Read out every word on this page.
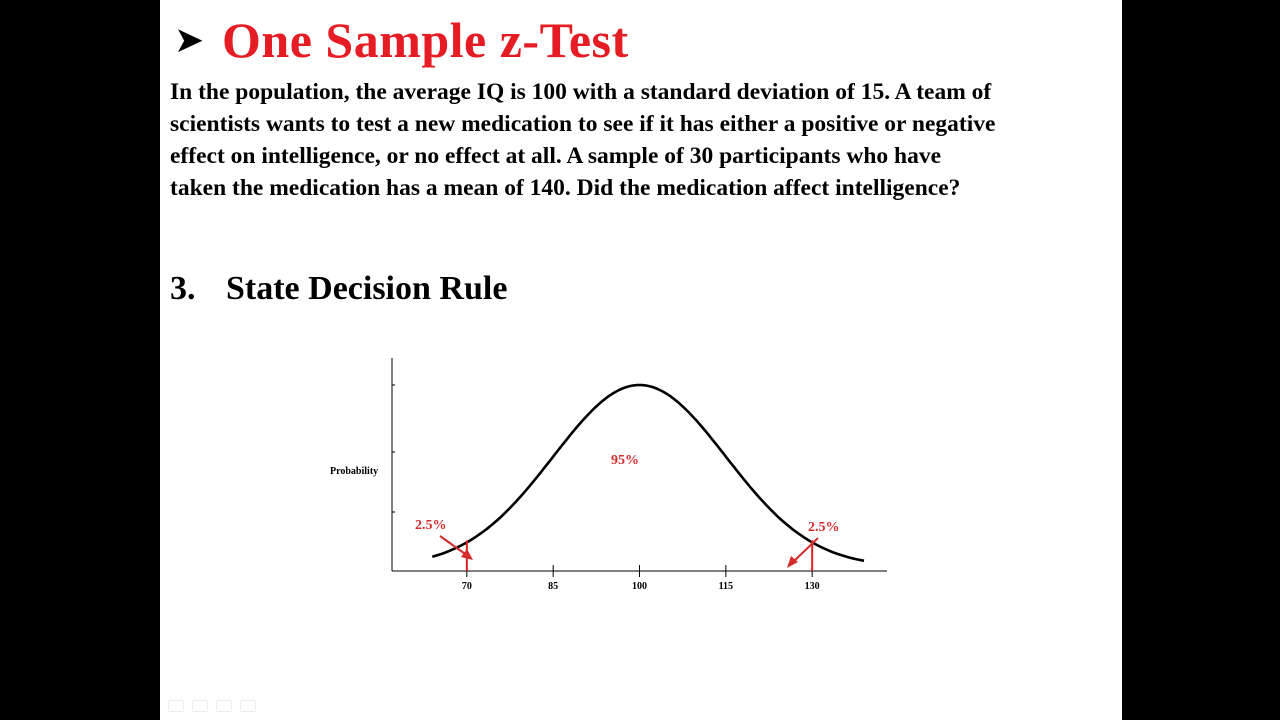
➤ One Sample z-Test
In the population, the average IQ is 100 with a standard deviation of 15. A team of
scientists wants to test a new medication to see if it has either a positive or negative
effect on intelligence, or no effect at all. A sample of 30 participants who have
taken the medication has a mean of 140. Did the medication affect intelligence?
3. State Decision Rule
70	85	100	115	130
Probability
95%
2.5%	2.5%
